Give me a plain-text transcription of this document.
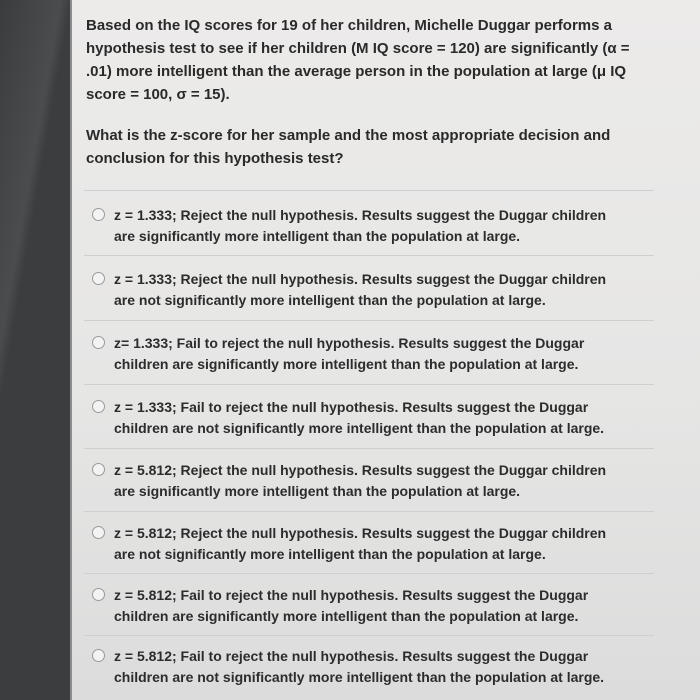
Based on the IQ scores for 19 of her children, Michelle Duggar performs a hypothesis test to see if her children (M IQ score = 120) are significantly (α = .01) more intelligent than the average person in the population at large (μ IQ score = 100, σ = 15).

What is the z-score for her sample and the most appropriate decision and conclusion for this hypothesis test?

z = 1.333; Reject the null hypothesis. Results suggest the Duggar children are significantly more intelligent than the population at large.

z = 1.333; Reject the null hypothesis. Results suggest the Duggar children are not significantly more intelligent than the population at large.

z= 1.333; Fail to reject the null hypothesis. Results suggest the Duggar children are significantly more intelligent than the population at large.

z = 1.333; Fail to reject the null hypothesis. Results suggest the Duggar children are not significantly more intelligent than the population at large.

z = 5.812; Reject the null hypothesis. Results suggest the Duggar children are significantly more intelligent than the population at large.

z = 5.812; Reject the null hypothesis. Results suggest the Duggar children are not significantly more intelligent than the population at large.

z = 5.812; Fail to reject the null hypothesis. Results suggest the Duggar children are significantly more intelligent than the population at large.

z = 5.812; Fail to reject the null hypothesis. Results suggest the Duggar children are not significantly more intelligent than the population at large.
